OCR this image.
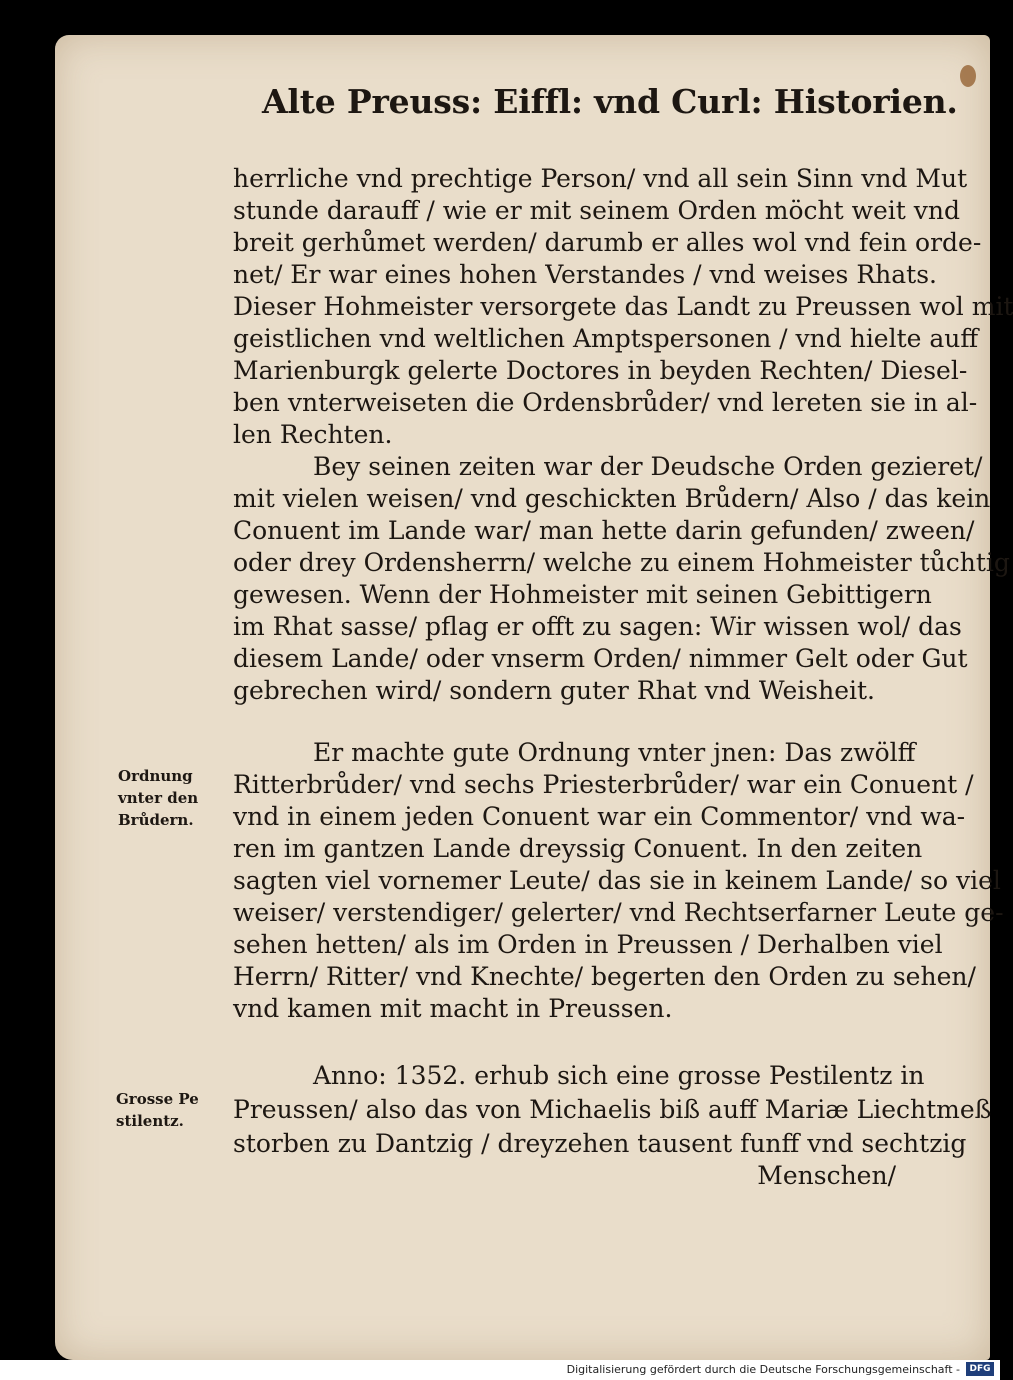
Alte Preuss: Eiffl: vnd Curl: Historien.
herrliche vnd prechtige Person/ vnd all sein Sinn vnd Mut
stunde darauff / wie er mit seinem Orden möcht weit vnd
breit gerhůmet werden/ darumb er alles wol vnd fein orde-
net/ Er war eines hohen Verstandes / vnd weises Rhats.
Dieser Hohmeister versorgete das Landt zu Preussen wol mit
geistlichen vnd weltlichen Amptspersonen / vnd hielte auff
Marienburgk gelerte Doctores in beyden Rechten/ Diesel-
ben vnterweiseten die Ordensbrůder/ vnd lereten sie in al-
len Rechten.
Bey seinen zeiten war der Deudsche Orden gezieret/
mit vielen weisen/ vnd geschickten Brůdern/ Also / das kein
Conuent im Lande war/ man hette darin gefunden/ zween/
oder drey Ordensherrn/ welche zu einem Hohmeister tůchtig
gewesen. Wenn der Hohmeister mit seinen Gebittigern
im Rhat sasse/ pflag er offt zu sagen: Wir wissen wol/ das
diesem Lande/ oder vnserm Orden/ nimmer Gelt oder Gut
gebrechen wird/ sondern guter Rhat vnd Weisheit.
Er machte gute Ordnung vnter jnen: Das zwölff
Ritterbrůder/ vnd sechs Priesterbrůder/ war ein Conuent /
vnd in einem jeden Conuent war ein Commentor/ vnd wa-
ren im gantzen Lande dreyssig Conuent. In den zeiten
sagten viel vornemer Leute/ das sie in keinem Lande/ so viel
weiser/ verstendiger/ gelerter/ vnd Rechtserfarner Leute ge-
sehen hetten/ als im Orden in Preussen / Derhalben viel
Herrn/ Ritter/ vnd Knechte/ begerten den Orden zu sehen/
vnd kamen mit macht in Preussen.
Anno: 1352. erhub sich eine grosse Pestilentz in
Preussen/ also das von Michaelis biß auff Mariæ Liechtmeß
storben zu Dantzig / dreyzehen tausent funff vnd sechtzig
Menschen/
Ordnung
vnter den
Brůdern.
Grosse Pe
stilentz.
Digitalisierung gefördert durch die Deutsche Forschungsgemeinschaft -	DFG
